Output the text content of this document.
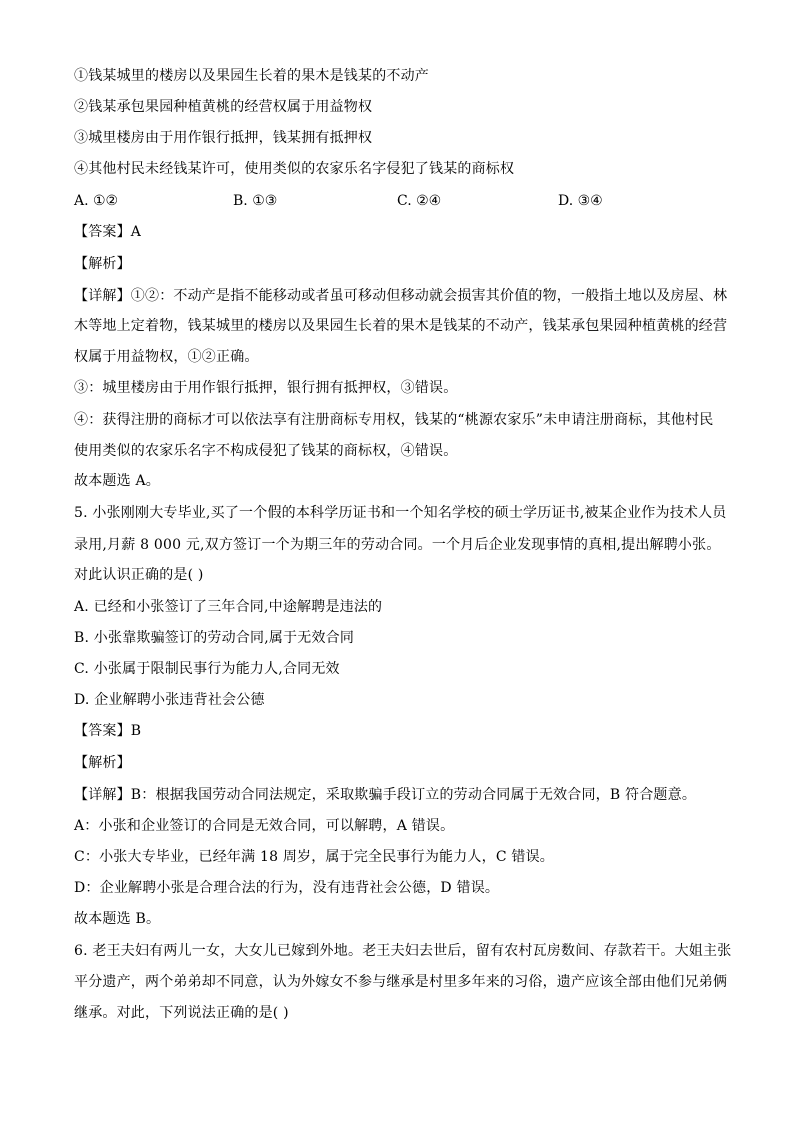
①钱某城里的楼房以及果园生长着的果木是钱某的不动产
②钱某承包果园种植黄桃的经营权属于用益物权
③城里楼房由于用作银行抵押，钱某拥有抵押权
④其他村民未经钱某许可，使用类似的农家乐名字侵犯了钱某的商标权
A. ①②	B. ①③	C. ②④	D. ③④
【答案】A
【解析】
【详解】①②：不动产是指不能移动或者虽可移动但移动就会损害其价值的物，一般指土地以及房屋、林
木等地上定着物，钱某城里的楼房以及果园生长着的果木是钱某的不动产，钱某承包果园种植黄桃的经营
权属于用益物权，①②正确。
③：城里楼房由于用作银行抵押，银行拥有抵押权，③错误。
④：获得注册的商标才可以依法享有注册商标专用权，钱某的“桃源农家乐”未申请注册商标，其他村民
使用类似的农家乐名字不构成侵犯了钱某的商标权，④错误。
故本题选 A。
5. 小张刚刚大专毕业,买了一个假的本科学历证书和一个知名学校的硕士学历证书,被某企业作为技术人员
录用,月薪 8 000 元,双方签订一个为期三年的劳动合同。一个月后企业发现事情的真相,提出解聘小张。
对此认识正确的是( )
A. 已经和小张签订了三年合同,中途解聘是违法的
B. 小张靠欺骗签订的劳动合同,属于无效合同
C. 小张属于限制民事行为能力人,合同无效
D. 企业解聘小张违背社会公德
【答案】B
【解析】
【详解】B：根据我国劳动合同法规定，采取欺骗手段订立的劳动合同属于无效合同，B 符合题意。
A：小张和企业签订的合同是无效合同，可以解聘，A 错误。
C：小张大专毕业，已经年满 18 周岁，属于完全民事行为能力人，C 错误。
D：企业解聘小张是合理合法的行为，没有违背社会公德，D 错误。
故本题选 B。
6. 老王夫妇有两儿一女，大女儿已嫁到外地。老王夫妇去世后，留有农村瓦房数间、存款若干。大姐主张
平分遗产，两个弟弟却不同意，认为外嫁女不参与继承是村里多年来的习俗，遗产应该全部由他们兄弟俩
继承。对此，下列说法正确的是( )
